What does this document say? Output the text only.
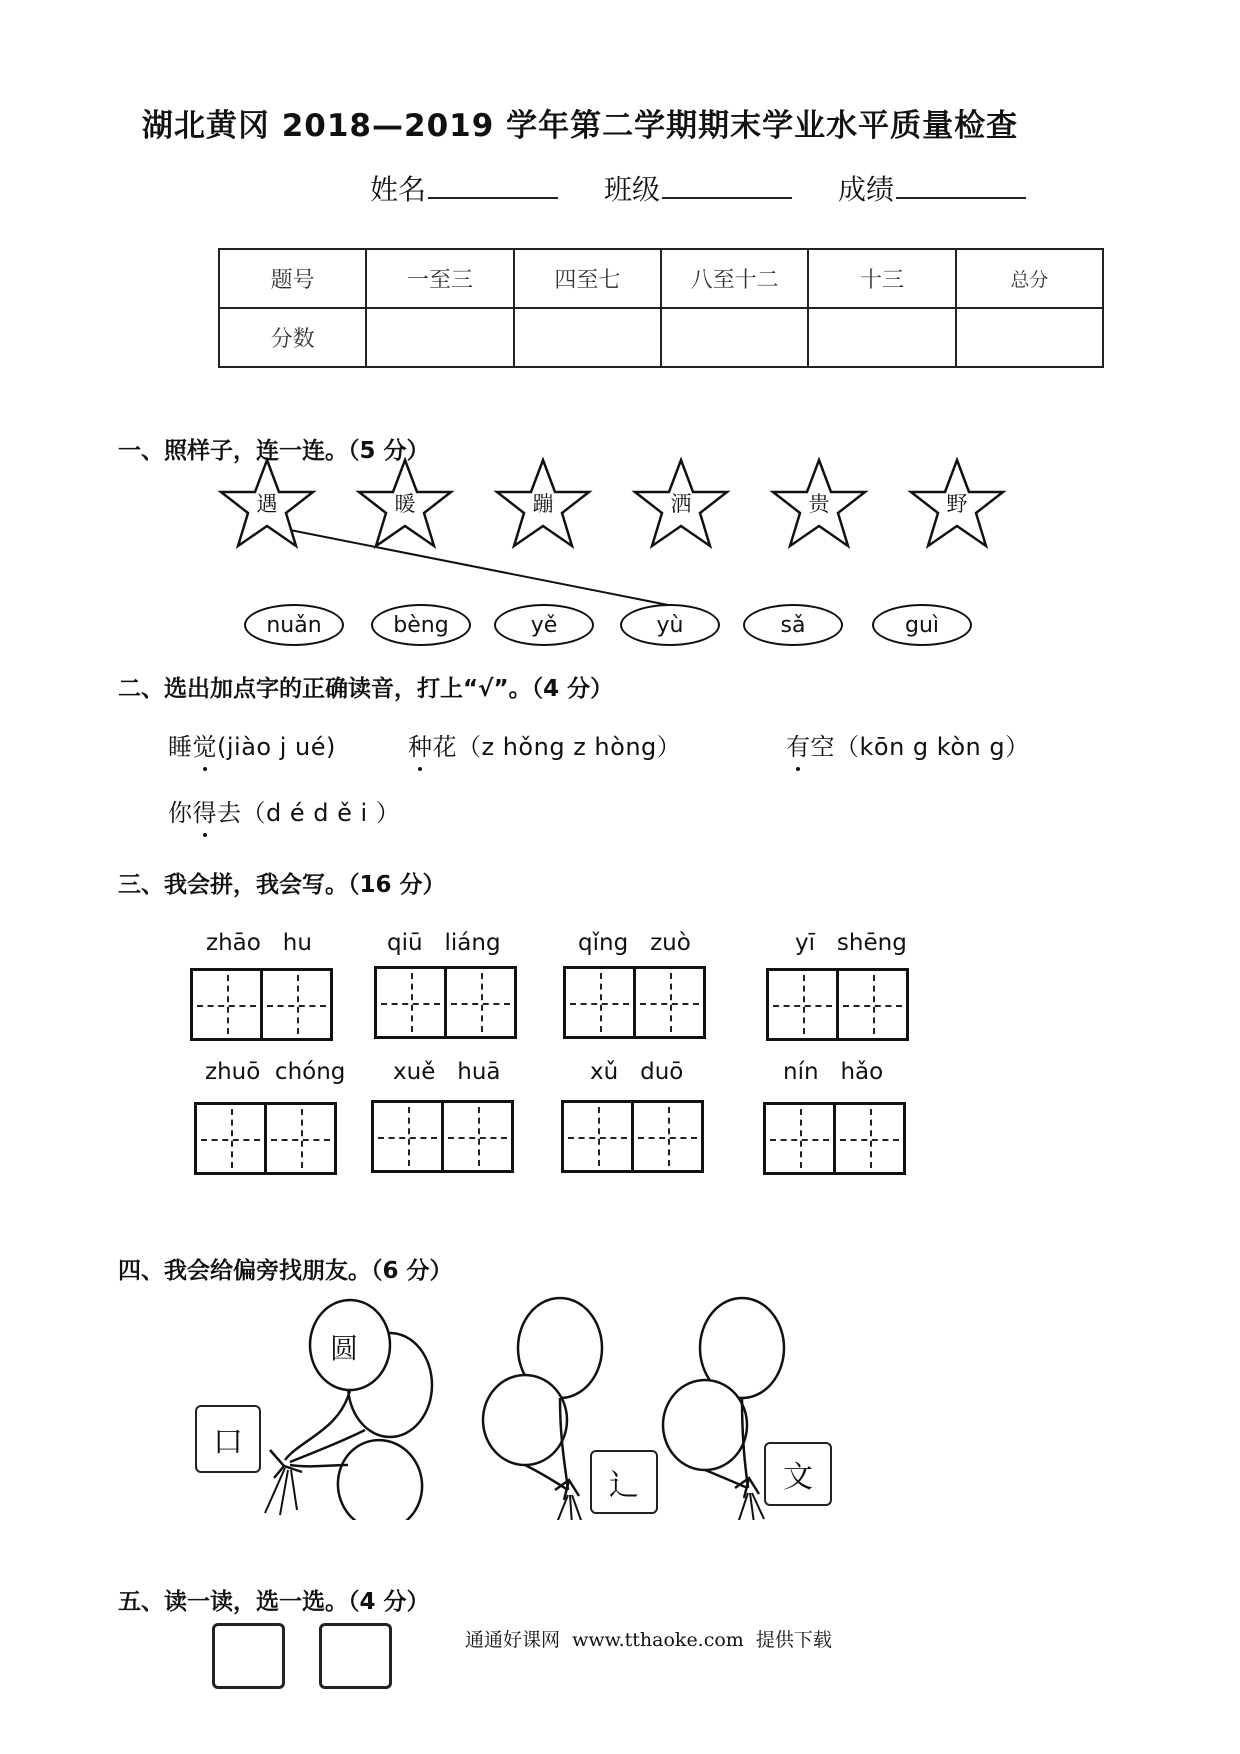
湖北黄冈 2018—2019 学年第二学期期末学业水平质量检查
姓名	班级	成绩
题号	一至三	四至七	八至十二	十三	总分
分数					
一、照样子，连一连。（5 分）
遇	暖	蹦	洒	贵	野
nuǎn	bèng	yě	yù	sǎ	guì
二、选出加点字的正确读音，打上“√”。（4 分）
睡觉(jiào j ué)	种花（z hǒng z hòng）	有空（kōn g kòn g）
你得去（d é d ě i ）
三、我会拼，我会写。（16 分）
zhāo   hu	qiū   liáng	qǐng   zuò	yī   shēng
zhuō  chóng xuě   huā	xǔ   duō	nín   hǎo
四、我会给偏旁找朋友。（6 分）
圆
口
辶	文
五、读一读，选一选。（4 分）
通通好课网  www.tthaoke.com  提供下载
